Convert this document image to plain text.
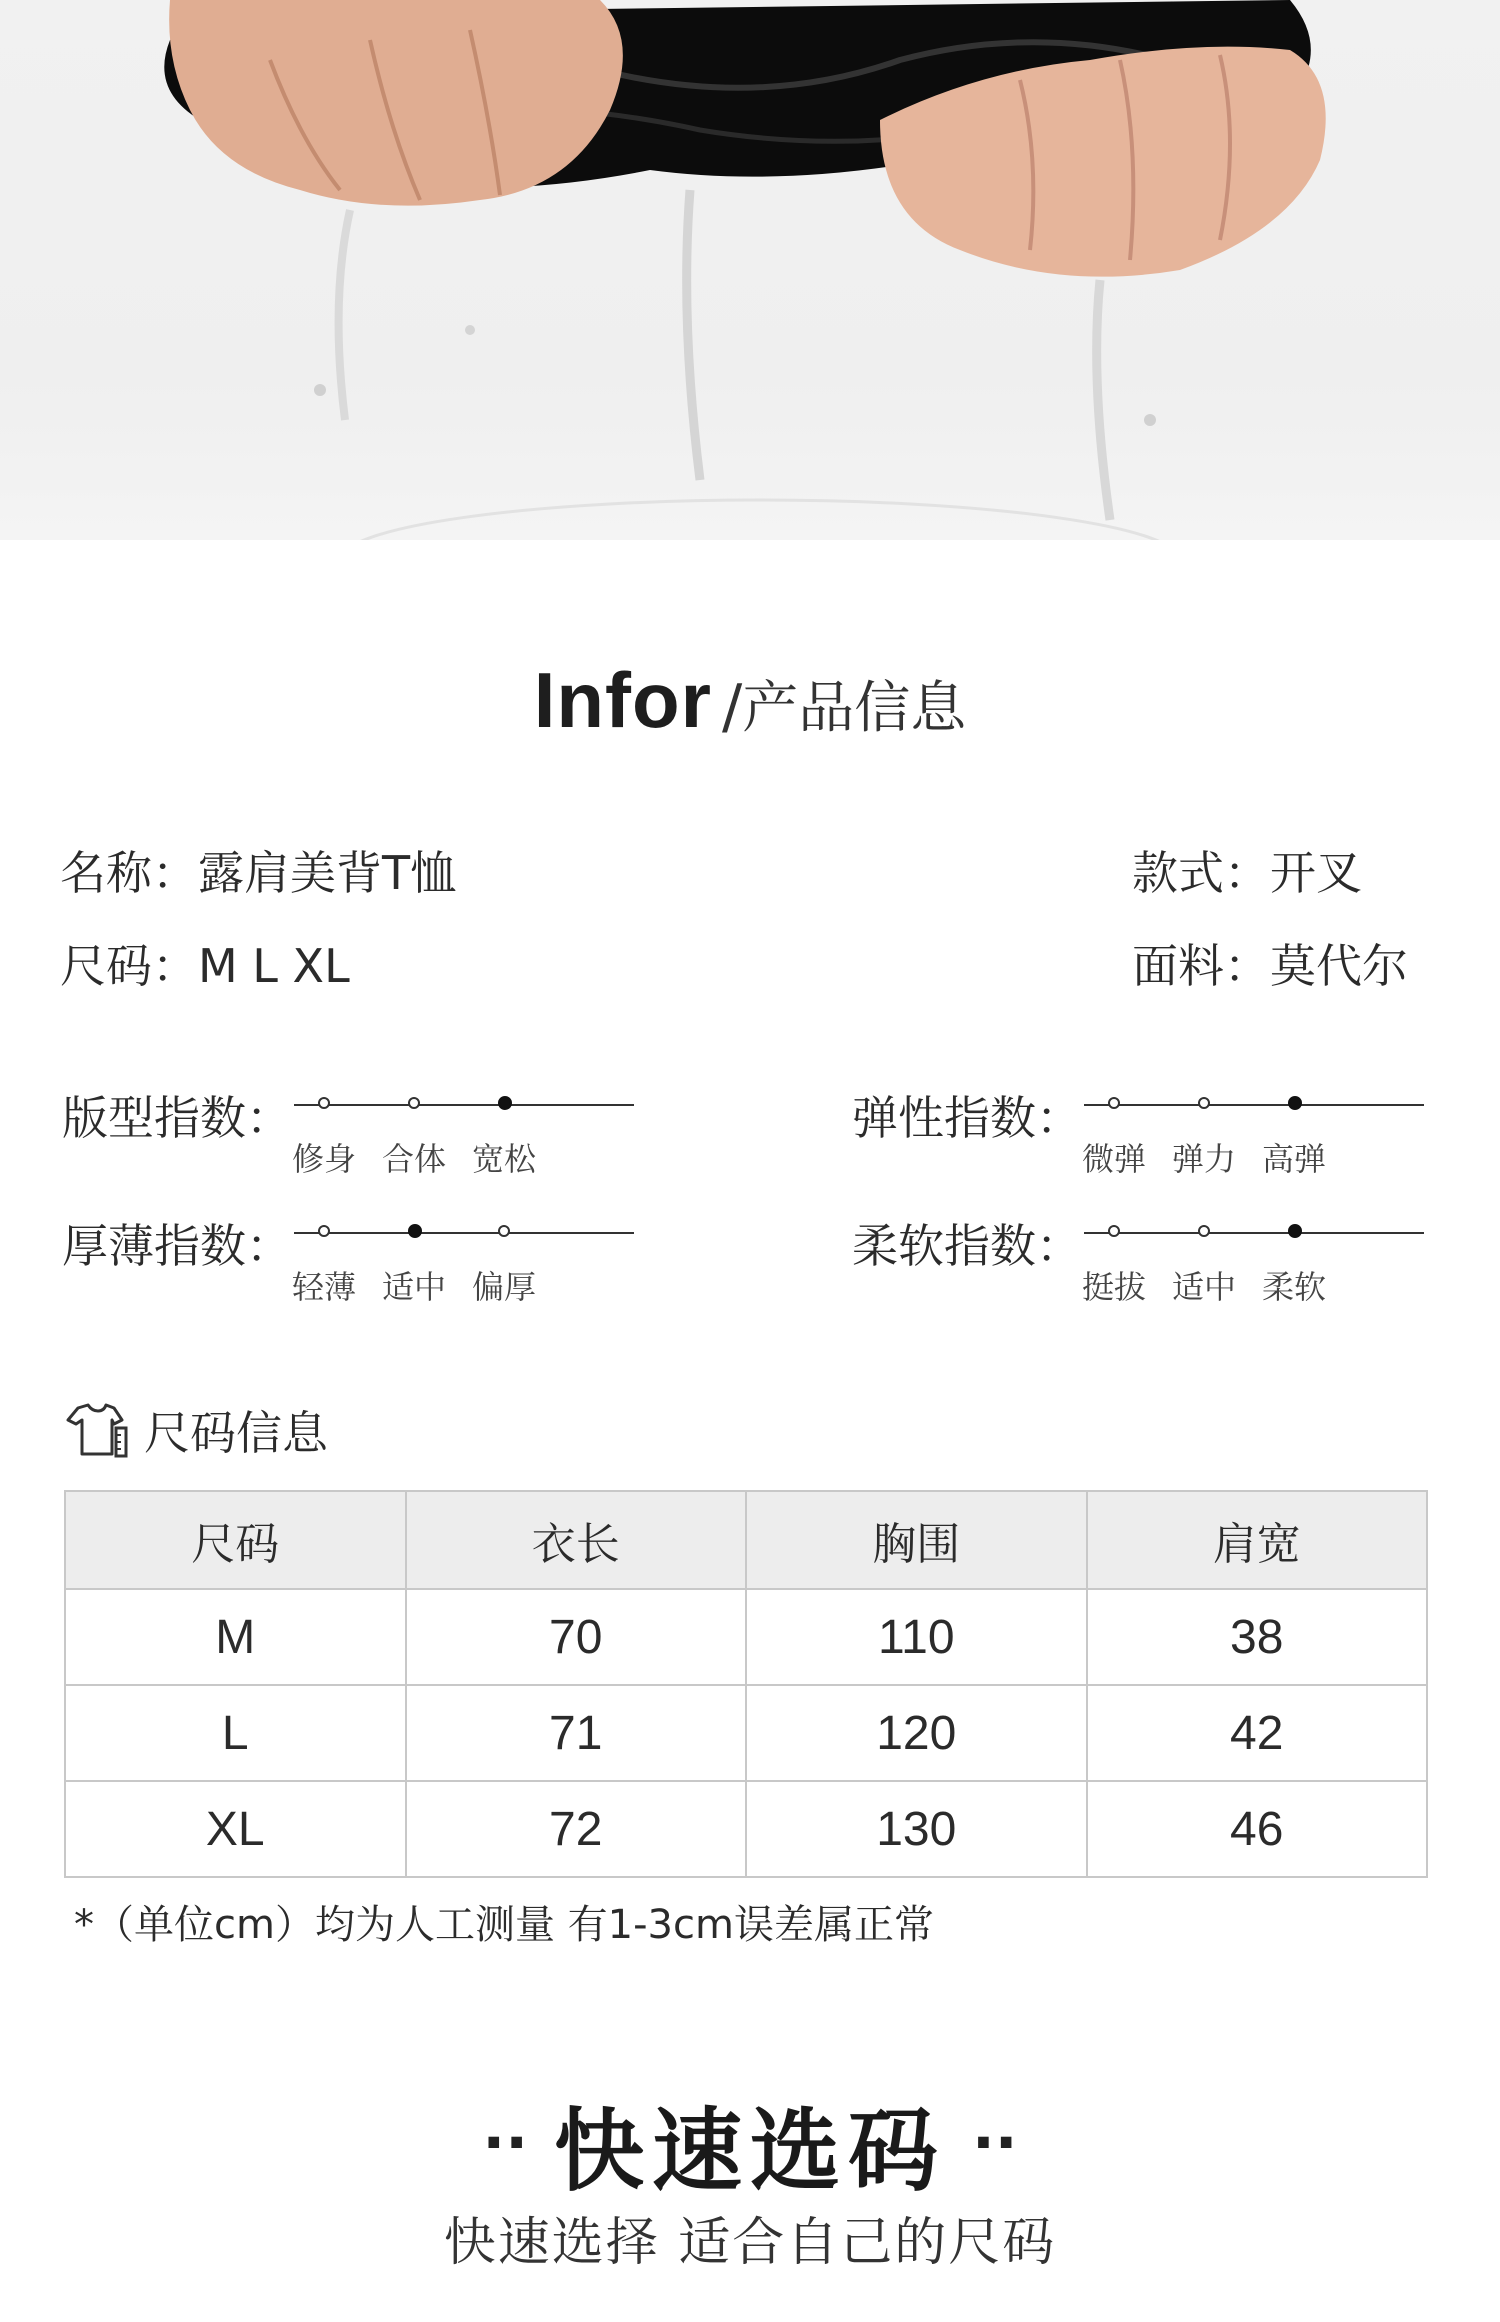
Infor /产品信息
名称：露肩美背T恤	款式：开叉
尺码：M L XL	面料：莫代尔
版型指数：
修身 合体 宽松
弹性指数：
微弹 弹力 高弹
厚薄指数：
轻薄 适中 偏厚
柔软指数：
挺拔 适中 柔软
尺码信息
尺码	衣长	胸围	肩宽
M	70	110	38
L	71	120	42
XL	72	130	46
*（单位cm）均为人工测量 有1-3cm误差属正常
·· 快速选码 ··
快速选择 适合自己的尺码
